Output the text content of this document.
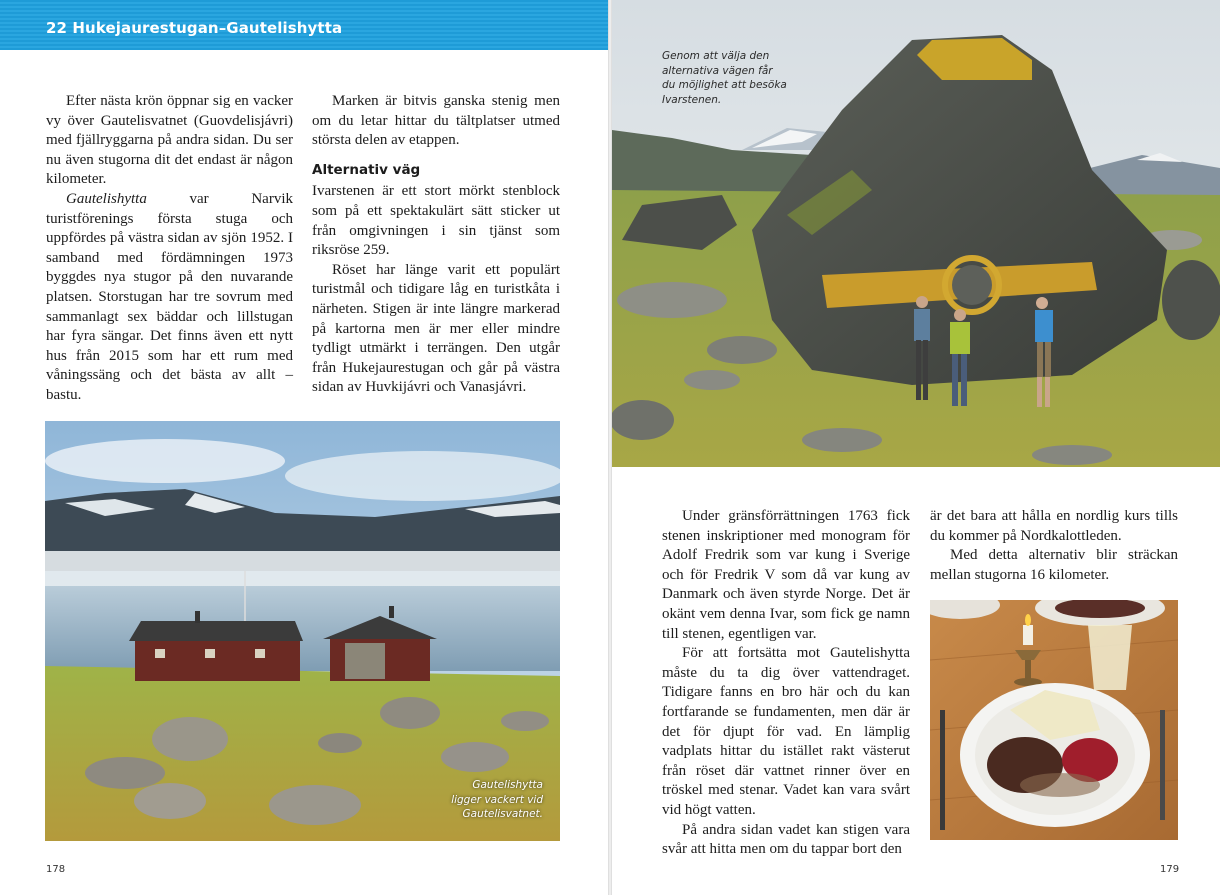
22 Hukejaurestugan–Gautelishytta

Efter nästa krön öppnar sig en vacker vy över Gautelisvatnet (Guovdelisjávri) med fjällryggarna på andra sidan. Du ser nu även stugorna dit det endast är någon kilometer.

Gautelishytta var Narvik turistförenings första stuga och uppfördes på västra sidan av sjön 1952. I samband med fördämningen 1973 byggdes nya stugor på den nuvarande platsen. Storstugan har tre sovrum med sammanlagt sex bäddar och lillstugan har fyra sängar. Det finns även ett nytt hus från 2015 som har ett rum med våningssäng och det bästa av allt – bastu.

Marken är bitvis ganska stenig men om du letar hittar du tältplatser utmed största delen av etappen.

Alternativ väg

Ivarstenen är ett stort mörkt stenblock som på ett spektakulärt sätt sticker ut från omgivningen i sin tjänst som riksröse 259.

Röset har länge varit ett populärt turistmål och tidigare låg en turistkåta i närheten. Stigen är inte längre markerad på kartorna men är mer eller mindre tydligt utmärkt i terrängen. Den utgår från Hukejaurestugan och går på västra sidan av Huvkijávri och Vanasjávri.

Gautelishytta
ligger vackert vid
Gautelisvatnet.
178
Genom att välja den
alternativa vägen får
du möjlighet att besöka
Ivarstenen.

Under gränsförrättningen 1763 fick stenen inskriptioner med monogram för Adolf Fredrik som var kung i Sverige och för Fredrik V som då var kung av Danmark och även styrde Norge. Det är okänt vem denna Ivar, som fick ge namn till stenen, egentligen var.

För att fortsätta mot Gautelishytta måste du ta dig över vattendraget. Tidigare fanns en bro här och du kan fortfarande se fundamenten, men där är det för djupt för vad. En lämplig vadplats hittar du istället rakt västerut från röset där vattnet rinner över en tröskel med stenar. Vadet kan vara svårt vid högt vatten.

På andra sidan vadet kan stigen vara svår att hitta men om du tappar bort den

är det bara att hålla en nordlig kurs tills du kommer på Nordkalottleden.

Med detta alternativ blir sträckan mellan stugorna 16 kilometer.

179
